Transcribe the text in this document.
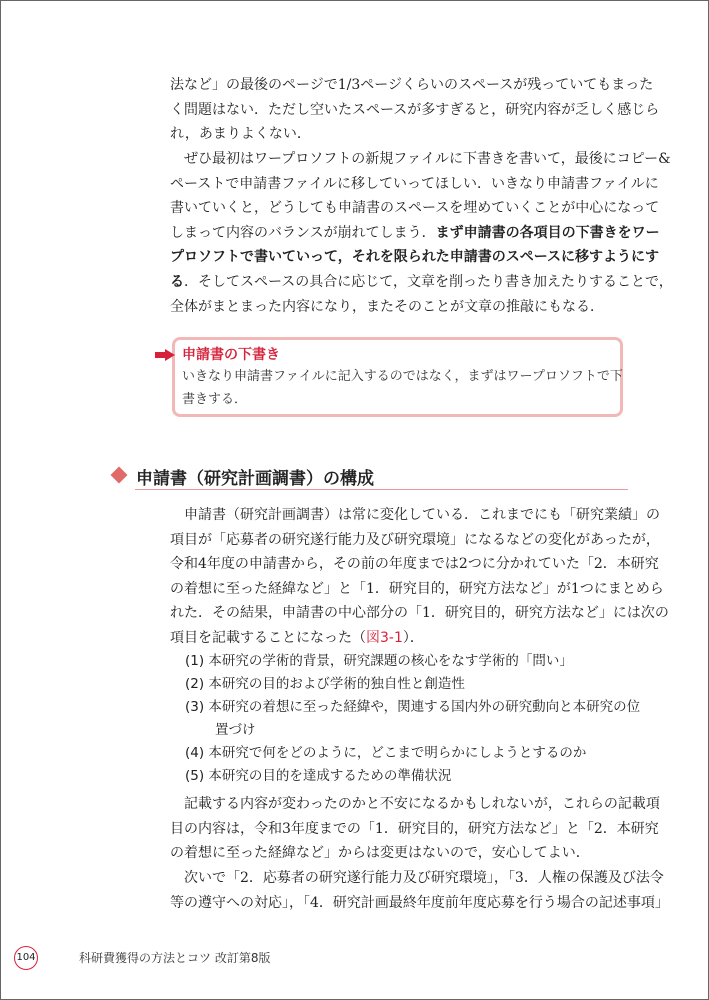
法など」の最後のページで1/3ページくらいのスペースが残っていてもまった
く問題はない．ただし空いたスペースが多すぎると，研究内容が乏しく感じら
れ，あまりよくない．
ぜひ最初はワープロソフトの新規ファイルに下書きを書いて，最後にコピー&
ペーストで申請書ファイルに移していってほしい．いきなり申請書ファイルに
書いていくと，どうしても申請書のスペースを埋めていくことが中心になって
しまって内容のバランスが崩れてしまう．まず申請書の各項目の下書きをワー
プロソフトで書いていって，それを限られた申請書のスペースに移すようにす
る．そしてスペースの具合に応じて，文章を削ったり書き加えたりすることで，
全体がまとまった内容になり，またそのことが文章の推敲にもなる．
申請書の下書き
いきなり申請書ファイルに記入するのではなく，まずはワープロソフトで下
書きする．
申請書（研究計画調書）の構成
申請書（研究計画調書）は常に変化している．これまでにも「研究業績」の
項目が「応募者の研究遂行能力及び研究環境」になるなどの変化があったが，
令和4年度の申請書から，その前の年度までは2つに分かれていた「2．本研究
の着想に至った経緯など」と「1．研究目的，研究方法など」が1つにまとめら
れた．その結果，申請書の中心部分の「1．研究目的，研究方法など」には次の
項目を記載することになった（図3-1）．
(1) 本研究の学術的背景，研究課題の核心をなす学術的「問い」
(2) 本研究の目的および学術的独自性と創造性
(3) 本研究の着想に至った経緯や，関連する国内外の研究動向と本研究の位
置づけ
(4) 本研究で何をどのように，どこまで明らかにしようとするのか
(5) 本研究の目的を達成するための準備状況
記載する内容が変わったのかと不安になるかもしれないが，これらの記載項
目の内容は，令和3年度までの「1．研究目的，研究方法など」と「2．本研究
の着想に至った経緯など」からは変更はないので，安心してよい．
次いで「2．応募者の研究遂行能力及び研究環境」，「3．人権の保護及び法令
等の遵守への対応」，「4．研究計画最終年度前年度応募を行う場合の記述事項」
104	科研費獲得の方法とコツ 改訂第8版
